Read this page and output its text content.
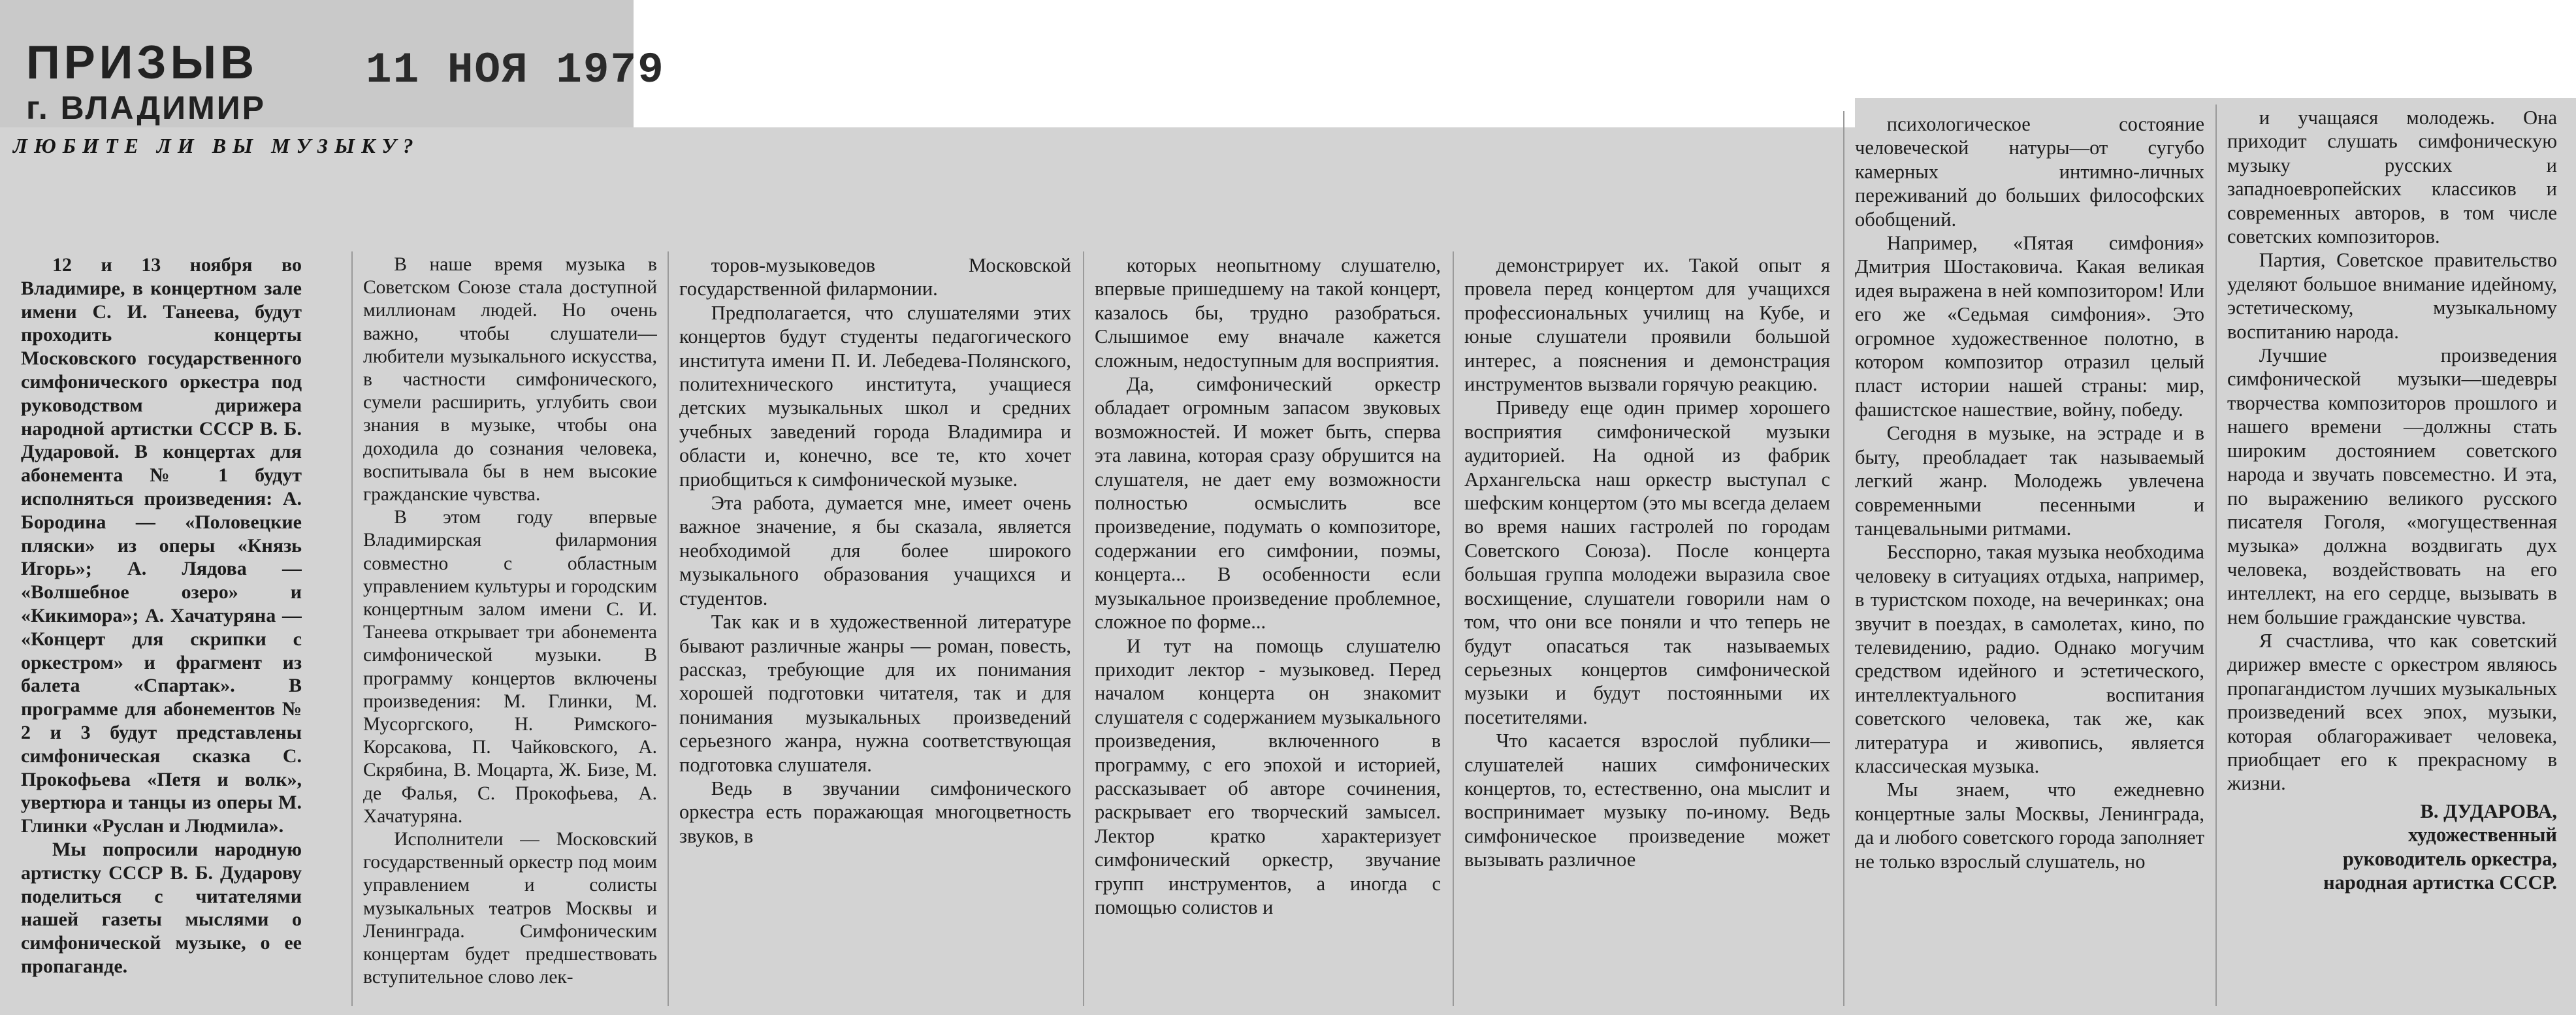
ПРИЗЫВ
г. ВЛАДИМИР
11 НОЯ 1979
ЛЮБИТЕ ЛИ ВЫ МУЗЫКУ?

12 и 13 ноября во Владимире, в концертном зале имени С. И. Танеева, будут проходить концерты Московского государственного симфонического оркестра под руководством дирижера народной артистки СССР В. Б. Дударовой. В концертах для абонемента № 1 будут исполняться произведения: А. Бородина — «Половецкие пляски» из оперы «Князь Игорь»; А. Лядова — «Волшебное озеро» и «Кикимора»; А. Хачатуряна — «Концерт для скрипки с оркестром» и фрагмент из балета «Спартак». В программе для абонементов № 2 и 3 будут представлены симфоническая сказка С. Прокофьева «Петя и волк», увертюра и танцы из оперы М. Глинки «Руслан и Людмила».

Мы попросили народную артистку СССР В. Б. Дударову поделиться с читателями нашей газеты мыслями о симфонической музыке, о ее пропаганде.

В наше время музыка в Советском Союзе стала доступной миллионам людей. Но очень важно, чтобы слушатели—любители музыкального искусства, в частности симфонического, сумели расширить, углубить свои знания в музыке, чтобы она доходила до сознания человека, воспитывала бы в нем высокие гражданские чувства.

В этом году впервые Владимирская филармония совместно с областным управлением культуры и городским концертным залом имени С. И. Танеева открывает три абонемента симфонической музыки. В программу концертов включены произведения: М. Глинки, М. Мусоргского, Н. Римского-Корсакова, П. Чайковского, А. Скрябина, В. Моцарта, Ж. Бизе, М. де Фалья, С. Прокофьева, А. Хачатуряна.

Исполнители — Московский государственный оркестр под моим управлением и солисты музыкальных театров Москвы и Ленинграда. Симфоническим концертам будет предшествовать вступительное слово лек-

торов-музыковедов Московской государственной филармонии.

Предполагается, что слушателями этих концертов будут студенты педагогического института имени П. И. Лебедева-Полянского, политехнического института, учащиеся детских музыкальных школ и средних учебных заведений города Владимира и области и, конечно, все те, кто хочет приобщиться к симфонической музыке.

Эта работа, думается мне, имеет очень важное значение, я бы сказала, является необходимой для более широкого музыкального образования учащихся и студентов.

Так как и в художественной литературе бывают различные жанры — роман, повесть, рассказ, требующие для их понимания хорошей подготовки читателя, так и для понимания музыкальных произведений серьезного жанра, нужна соответствующая подготовка слушателя.

Ведь в звучании симфонического оркестра есть поражающая многоцветность звуков, в

которых неопытному слушателю, впервые пришедшему на такой концерт, казалось бы, трудно разобраться. Слышимое ему вначале кажется сложным, недоступным для восприятия.

Да, симфонический оркестр обладает огромным запасом звуковых возможностей. И может быть, сперва эта лавина, которая сразу обрушится на слушателя, не дает ему возможности полностью осмыслить все произведение, подумать о композиторе, содержании его симфонии, поэмы, концерта... В особенности если музыкальное произведение проблемное, сложное по форме...

И тут на помощь слушателю приходит лектор - музыковед. Перед началом концерта он знакомит слушателя с содержанием музыкального произведения, включенного в программу, с его эпохой и историей, рассказывает об авторе сочинения, раскрывает его творческий замысел. Лектор кратко характеризует симфонический оркестр, звучание групп инструментов, а иногда с помощью солистов и

демонстрирует их. Такой опыт я провела перед концертом для учащихся профессиональных училищ на Кубе, и юные слушатели проявили большой интерес, а пояснения и демонстрация инструментов вызвали горячую реакцию.

Приведу еще один пример хорошего восприятия симфонической музыки аудиторией. На одной из фабрик Архангельска наш оркестр выступал с шефским концертом (это мы всегда делаем во время наших гастролей по городам Советского Союза). После концерта большая группа молодежи выразила свое восхищение, слушатели говорили нам о том, что они все поняли и что теперь не будут опасаться так называемых серьезных концертов симфонической музыки и будут постоянными их посетителями.

Что касается взрослой публики—слушателей наших симфонических концертов, то, естественно, она мыслит и воспринимает музыку по-иному. Ведь симфоническое произведение может вызывать различное

психологическое состояние человеческой натуры—от сугубо камерных интимно-личных переживаний до больших философских обобщений.

Например, «Пятая симфония» Дмитрия Шостаковича. Какая великая идея выражена в ней композитором! Или его же «Седьмая симфония». Это огромное художественное полотно, в котором композитор отразил целый пласт истории нашей страны: мир, фашистское нашествие, войну, победу.

Сегодня в музыке, на эстраде и в быту, преобладает так называемый легкий жанр. Молодежь увлечена современными песенными и танцевальными ритмами.

Бесспорно, такая музыка необходима человеку в ситуациях отдыха, например, в туристском походе, на вечеринках; она звучит в поездах, в самолетах, кино, по телевидению, радио. Однако могучим средством идейного и эстетического, интеллектуального воспитания советского человека, так же, как литература и живопись, является классическая музыка.

Мы знаем, что ежедневно концертные залы Москвы, Ленинграда, да и любого советского города заполняет не только взрослый слушатель, но

и учащаяся молодежь. Она приходит слушать симфоническую музыку русских и западноевропейских классиков и современных авторов, в том числе советских композиторов.

Партия, Советское правительство уделяют большое внимание идейному, эстетическому, музыкальному воспитанию народа.

Лучшие произведения симфонической музыки—шедевры творчества композиторов прошлого и нашего времени —должны стать широким достоянием советского народа и звучать повсеместно. И эта, по выражению великого русского писателя Гоголя, «могущественная музыка» должна воздвигать дух человека, воздействовать на его интеллект, на его сердце, вызывать в нем большие гражданские чувства.

Я счастлива, что как советский дирижер вместе с оркестром являюсь пропагандистом лучших музыкальных произведений всех эпох, музыки, которая облагораживает человека, приобщает его к прекрасному в жизни.

В. ДУДАРОВА,

художественный

руководитель оркестра,

народная артистка СССР.
